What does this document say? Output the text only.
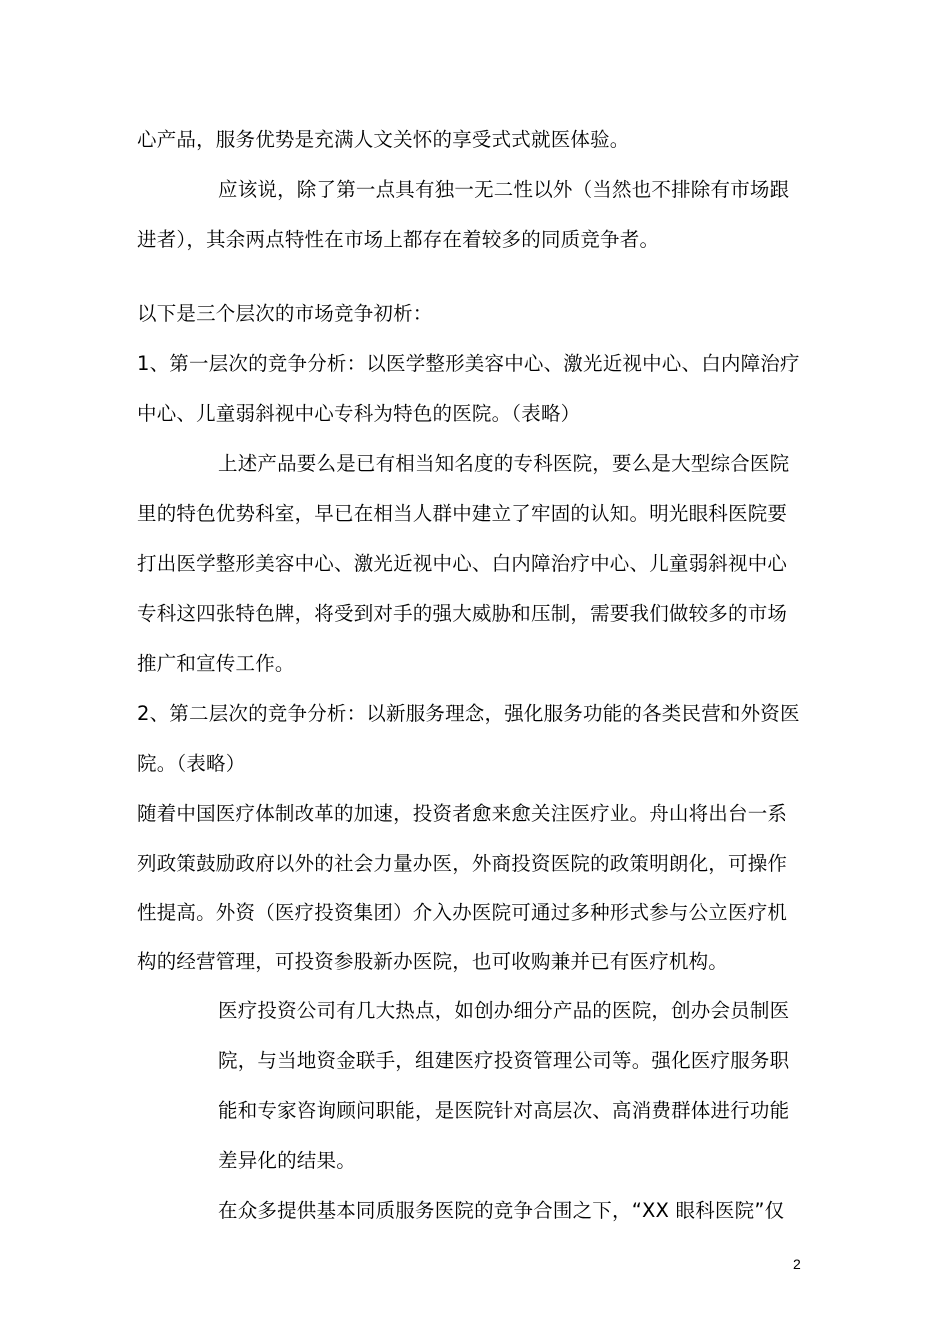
心产品，服务优势是充满人文关怀的享受式式就医体验。
应该说，除了第一点具有独一无二性以外（当然也不排除有市场跟
进者），其余两点特性在市场上都存在着较多的同质竞争者。
以下是三个层次的市场竞争初析：
1、第一层次的竞争分析：以医学整形美容中心、激光近视中心、白内障治疗
中心、儿童弱斜视中心专科为特色的医院。（表略）
上述产品要么是已有相当知名度的专科医院，要么是大型综合医院
里的特色优势科室，早已在相当人群中建立了牢固的认知。明光眼科医院要
打出医学整形美容中心、激光近视中心、白内障治疗中心、儿童弱斜视中心
专科这四张特色牌，将受到对手的强大威胁和压制，需要我们做较多的市场
推广和宣传工作。
2、第二层次的竞争分析：以新服务理念，强化服务功能的各类民营和外资医
院。（表略）
随着中国医疗体制改革的加速，投资者愈来愈关注医疗业。舟山将出台一系
列政策鼓励政府以外的社会力量办医，外商投资医院的政策明朗化，可操作
性提高。外资（医疗投资集团）介入办医院可通过多种形式参与公立医疗机
构的经营管理，可投资参股新办医院，也可收购兼并已有医疗机构。
医疗投资公司有几大热点，如创办细分产品的医院，创办会员制医
院，与当地资金联手，组建医疗投资管理公司等。强化医疗服务职
能和专家咨询顾问职能，是医院针对高层次、高消费群体进行功能
差异化的结果。
在众多提供基本同质服务医院的竞争合围之下，“XX 眼科医院”仅
2
